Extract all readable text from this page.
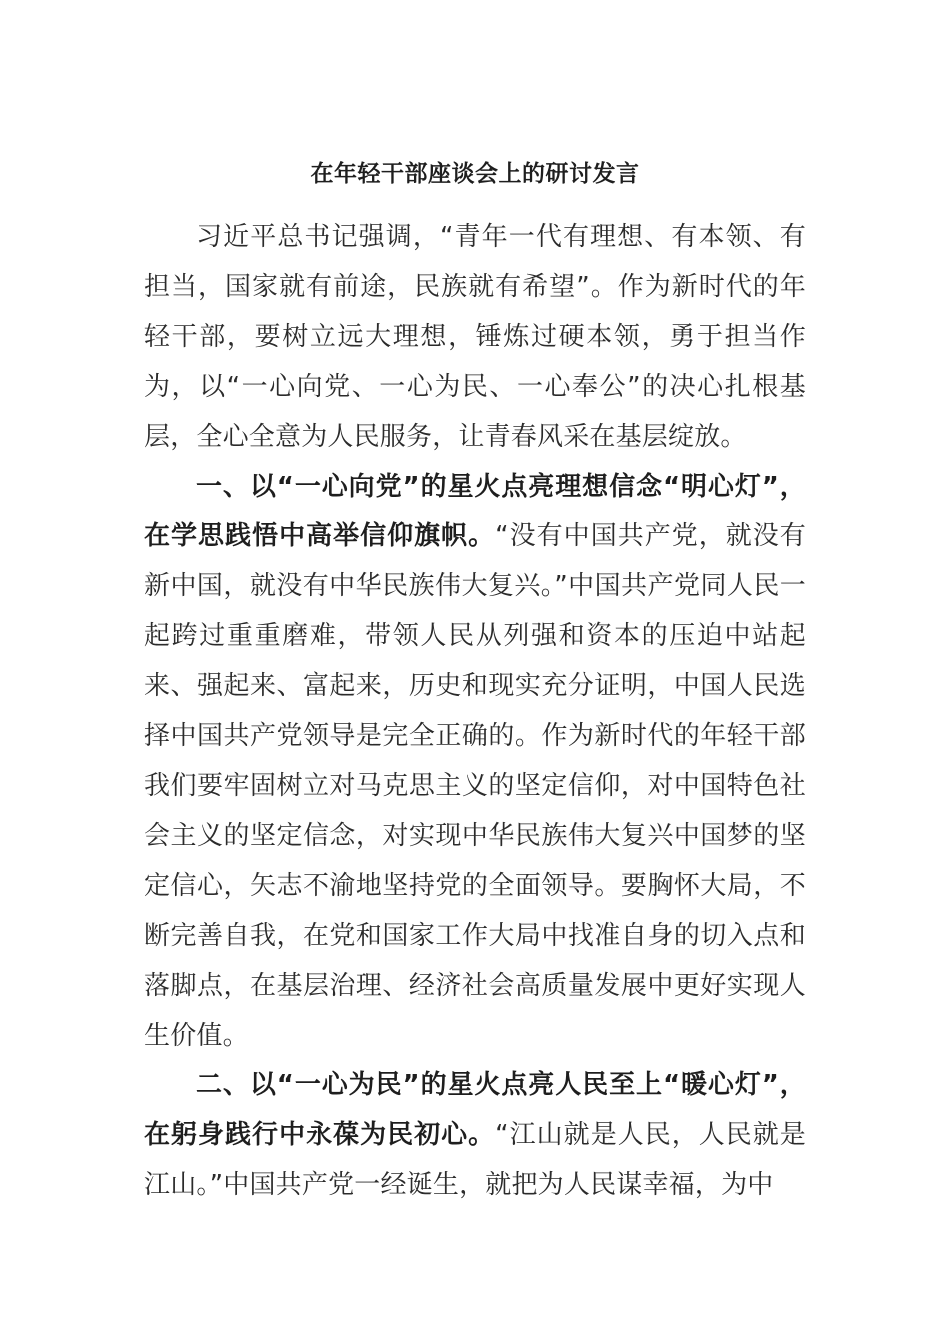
在年轻干部座谈会上的研讨发言

习近平总书记强调，“青年一代有理想、有本领、有担当，国家就有前途，民族就有希望”。作为新时代的年轻干部，要树立远大理想，锤炼过硬本领，勇于担当作为，以“一心向党、一心为民、一心奉公”的决心扎根基层，全心全意为人民服务，让青春风采在基层绽放。

一、以“一心向党”的星火点亮理想信念“明心灯”，在学思践悟中高举信仰旗帜。“没有中国共产党，就没有新中国，就没有中华民族伟大复兴。”中国共产党同人民一起跨过重重磨难，带领人民从列强和资本的压迫中站起来、强起来、富起来，历史和现实充分证明，中国人民选择中国共产党领导是完全正确的。作为新时代的年轻干部我们要牢固树立对马克思主义的坚定信仰，对中国特色社会主义的坚定信念，对实现中华民族伟大复兴中国梦的坚定信心，矢志不渝地坚持党的全面领导。要胸怀大局，不断完善自我，在党和国家工作大局中找准自身的切入点和落脚点，在基层治理、经济社会高质量发展中更好实现人生价值。

二、以“一心为民”的星火点亮人民至上“暖心灯”，在躬身践行中永葆为民初心。“江山就是人民，人民就是江山。”中国共产党一经诞生，就把为人民谋幸福，为中
